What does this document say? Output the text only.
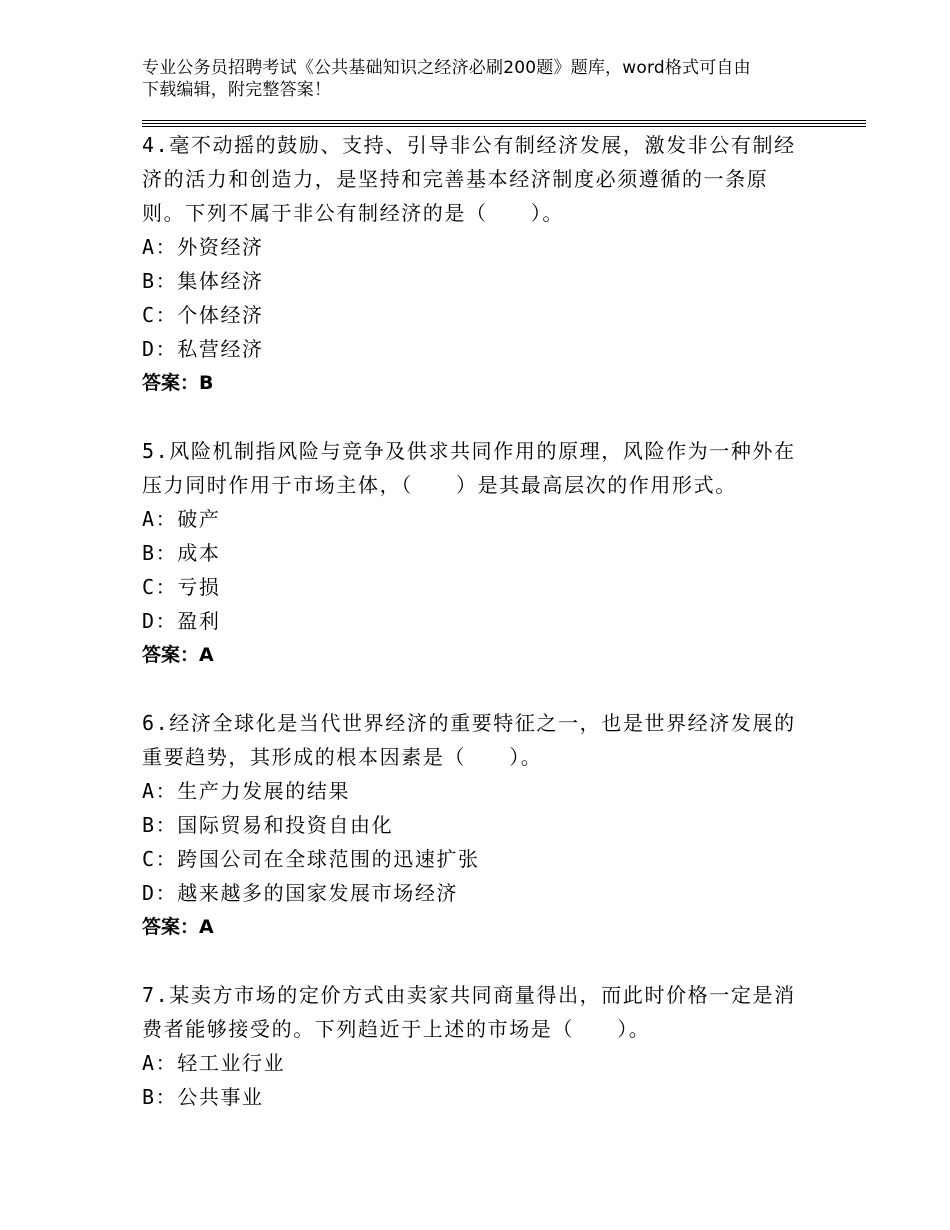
专业公务员招聘考试《公共基础知识之经济必刷200题》题库，word格式可自由
下载编辑，附完整答案！

4.毫不动摇的鼓励、支持、引导非公有制经济发展，激发非公有制经济的活力和创造力，是坚持和完善基本经济制度必须遵循的一条原则。下列不属于非公有制经济的是（　　）。

A：外资经济

B：集体经济

C：个体经济

D：私营经济

答案：B

5.风险机制指风险与竞争及供求共同作用的原理，风险作为一种外在压力同时作用于市场主体，（　　）是其最高层次的作用形式。

A：破产

B：成本

C：亏损

D：盈利

答案：A

6.经济全球化是当代世界经济的重要特征之一，也是世界经济发展的重要趋势，其形成的根本因素是（　　）。

A：生产力发展的结果

B：国际贸易和投资自由化

C：跨国公司在全球范围的迅速扩张

D：越来越多的国家发展市场经济

答案：A

7.某卖方市场的定价方式由卖家共同商量得出，而此时价格一定是消费者能够接受的。下列趋近于上述的市场是（　　）。

A：轻工业行业

B：公共事业
